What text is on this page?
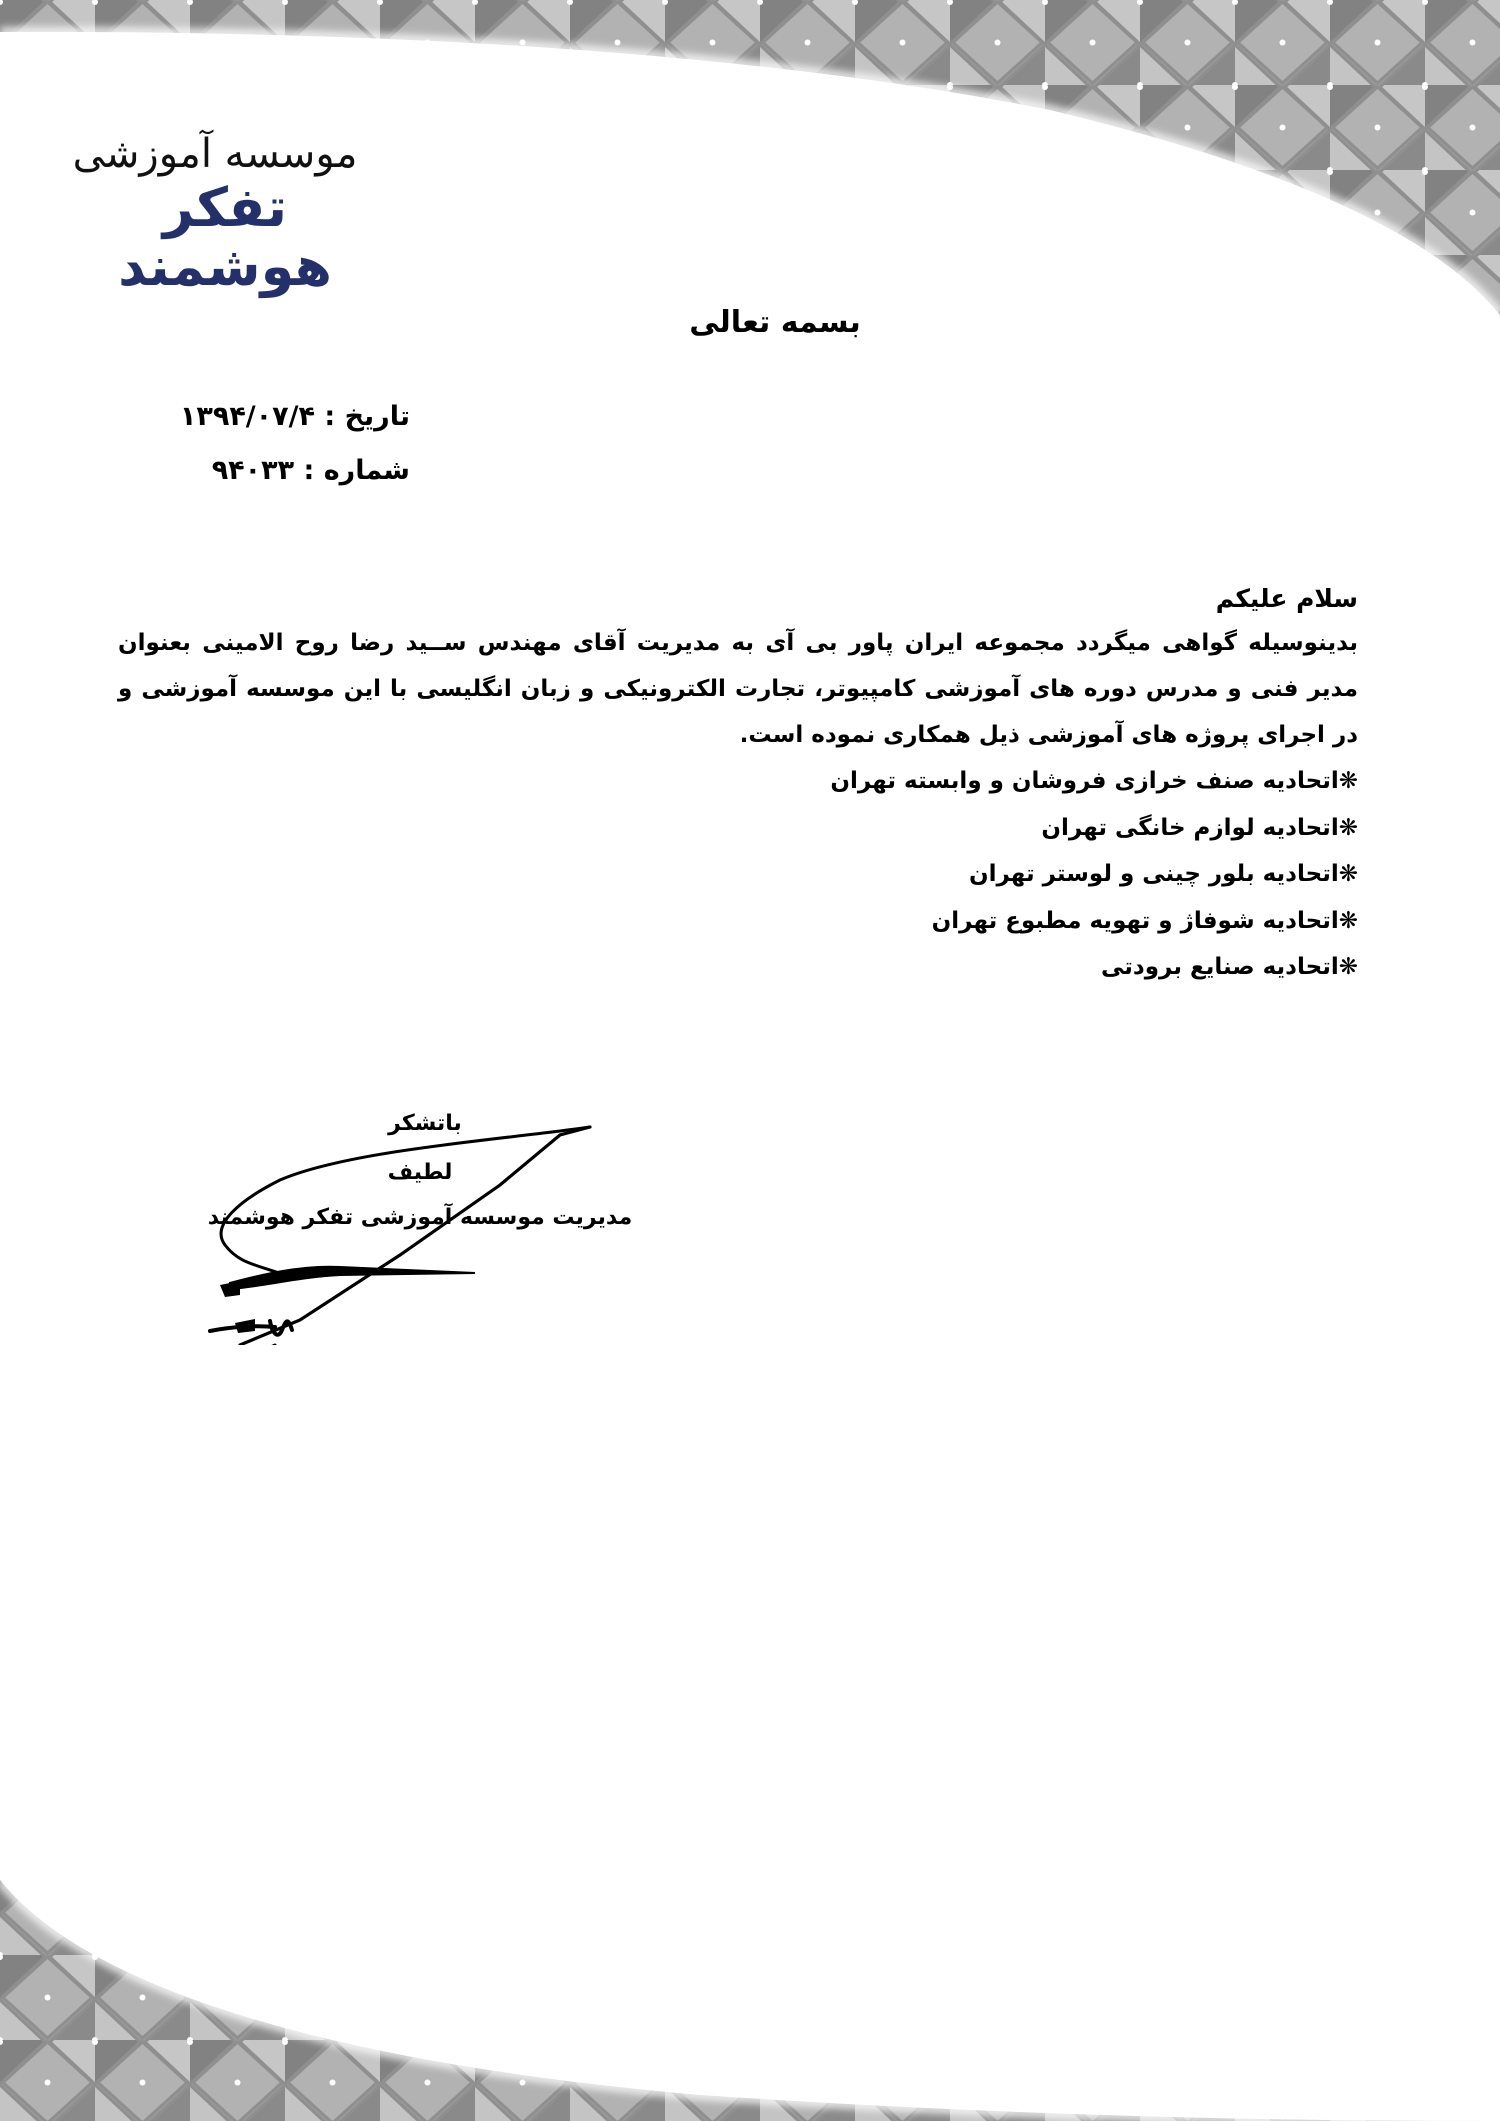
موسسه آموزشی
تفکر هوشمند
بسمه تعالی
تاریخ : ۱۳۹۴/۰۷/۴
شماره : ۹۴۰۳۳
سلام علیکم
بدینوسیله گواهی میگردد مجموعه ایران پاور بی آی به مدیریت آقای مهندس ســید رضا روح الامینی بعنوان مدیر فنی و مدرس دوره های آموزشی کامپیوتر، تجارت الکترونیکی و زبان انگلیسی با این موسسه آموزشی و در اجرای پروژه های آموزشی ذیل همکاری نموده است.
❋اتحادیه صنف خرازی فروشان و وابسته تهران
❋اتحادیه لوازم خانگی تهران
❋اتحادیه بلور چینی و لوستر تهران
❋اتحادیه شوفاژ و تهویه مطبوع تهران
❋اتحادیه صنایع برودتی
باتشکر
لطیف
مدیریت موسسه آموزشی تفکر هوشمند
